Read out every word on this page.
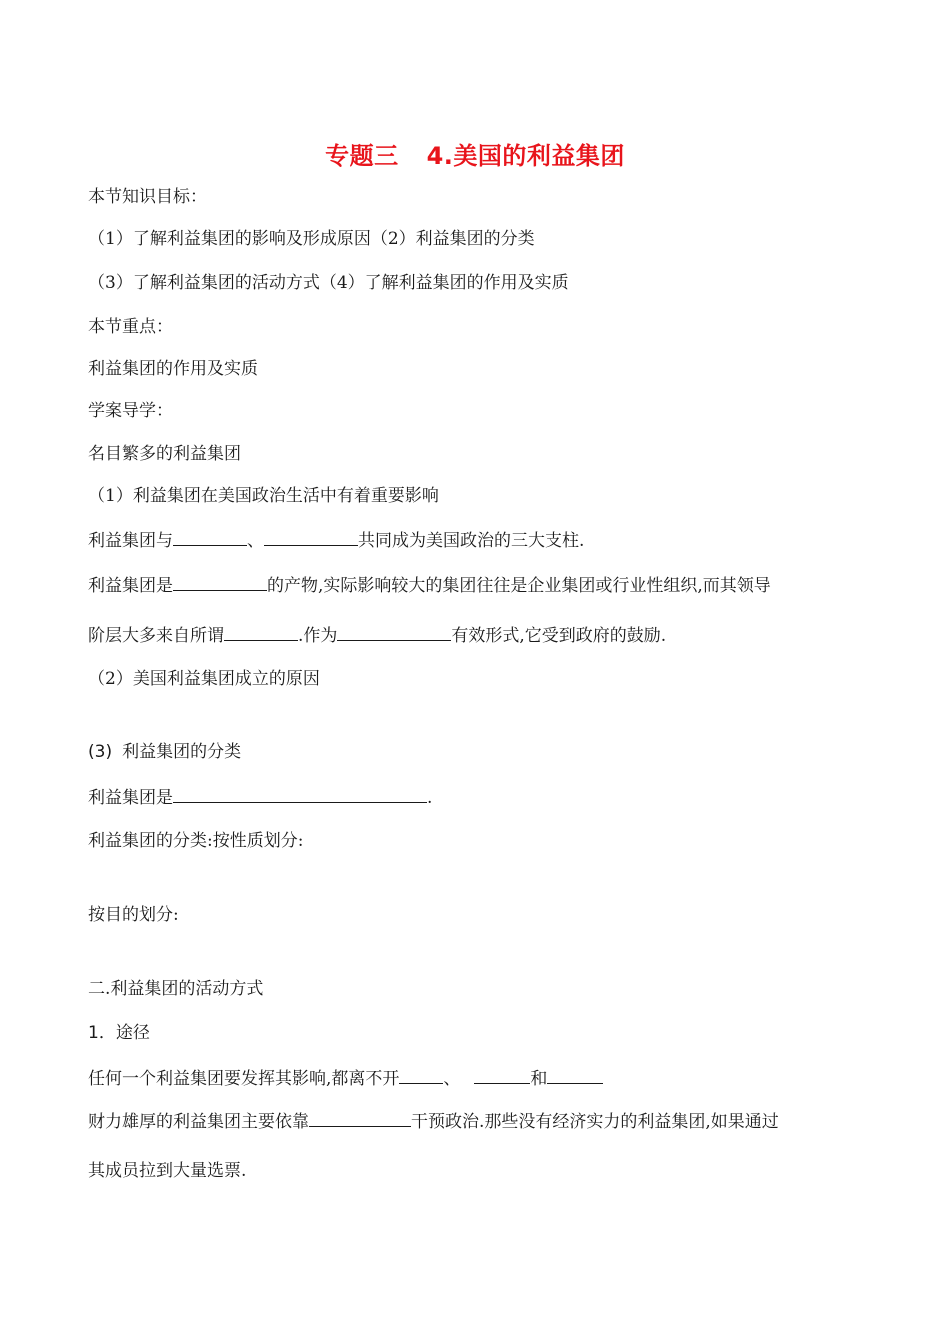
专题三 4.美国的利益集团
本节知识目标：
（1）了解利益集团的影响及形成原因（2）利益集团的分类
（3）了解利益集团的活动方式（4）了解利益集团的作用及实质
本节重点：
利益集团的作用及实质
学案导学：
名目繁多的利益集团
（1）利益集团在美国政治生活中有着重要影响
利益集团与	、	共同成为美国政治的三大支柱.
利益集团是	的产物,实际影响较大的集团往往是企业集团或行业性组织,而其领导
阶层大多来自所谓	.作为	有效形式,它受到政府的鼓励.
（2）美国利益集团成立的原因
(3) 利益集团的分类
利益集团是	.
利益集团的分类:按性质划分:
按目的划分:
二.利益集团的活动方式
1．途径
任何一个利益集团要发挥其影响,都离不开	、	和
财力雄厚的利益集团主要依靠	干预政治.那些没有经济实力的利益集团,如果通过
其成员拉到大量选票.
